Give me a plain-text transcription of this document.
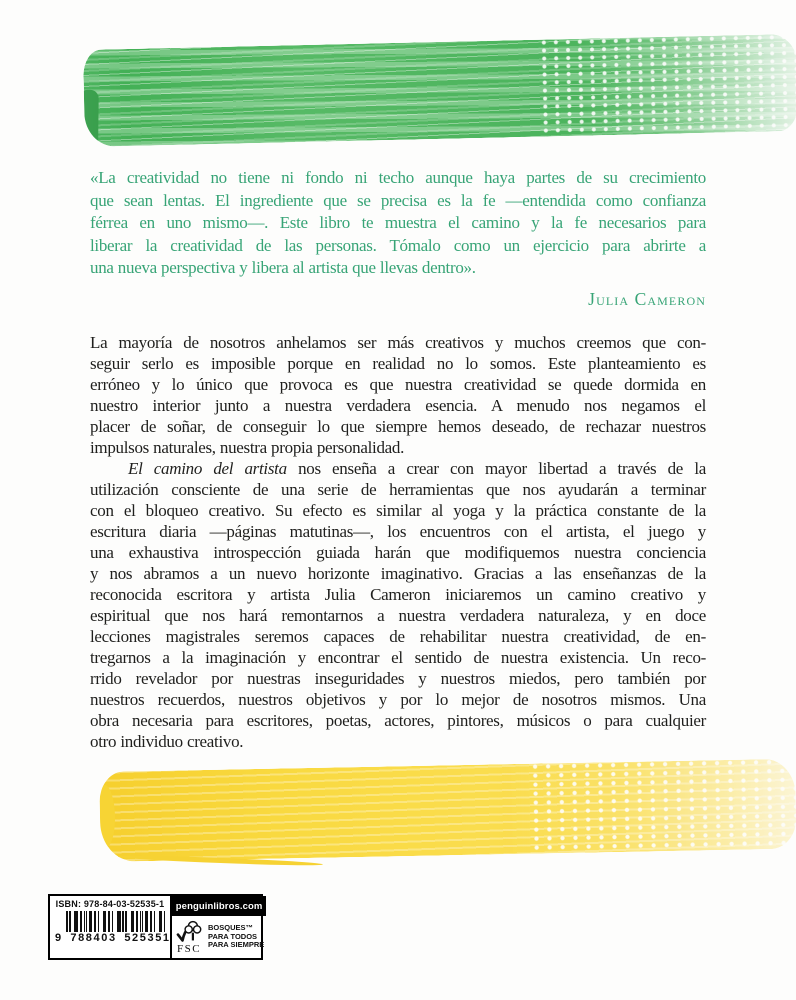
«La creatividad no tiene ni fondo ni techo aunque haya partes de su crecimiento
que sean lentas. El ingrediente que se precisa es la fe —entendida como confianza
férrea en uno mismo—. Este libro te muestra el camino y la fe necesarios para
liberar la creatividad de las personas. Tómalo como un ejercicio para abrirte a
una nueva perspectiva y libera al artista que llevas dentro».
Julia Cameron
La mayoría de nosotros anhelamos ser más creativos y muchos creemos que con-
seguir serlo es imposible porque en realidad no lo somos. Este planteamiento es
erróneo y lo único que provoca es que nuestra creatividad se quede dormida en
nuestro interior junto a nuestra verdadera esencia. A menudo nos negamos el
placer de soñar, de conseguir lo que siempre hemos deseado, de rechazar nuestros
impulsos naturales, nuestra propia personalidad.
El camino del artista nos enseña a crear con mayor libertad a través de la
utilización consciente de una serie de herramientas que nos ayudarán a terminar
con el bloqueo creativo. Su efecto es similar al yoga y la práctica constante de la
escritura diaria —páginas matutinas—, los encuentros con el artista, el juego y
una exhaustiva introspección guiada harán que modifiquemos nuestra conciencia
y nos abramos a un nuevo horizonte imaginativo. Gracias a las enseñanzas de la
reconocida escritora y artista Julia Cameron iniciaremos un camino creativo y
espiritual que nos hará remontarnos a nuestra verdadera naturaleza, y en doce
lecciones magistrales seremos capaces de rehabilitar nuestra creatividad, de en-
tregarnos a la imaginación y encontrar el sentido de nuestra existencia. Un reco-
rrido revelador por nuestras inseguridades y nuestros miedos, pero también por
nuestros recuerdos, nuestros objetivos y por lo mejor de nosotros mismos. Una
obra necesaria para escritores, poetas, actores, pintores, músicos o para cualquier
otro individuo creativo.
ISBN: 978-84-03-52535-1
9 788403 525351
penguinlibros.com
FSC
BOSQUES™
PARA TODOS
PARA SIEMPRE
